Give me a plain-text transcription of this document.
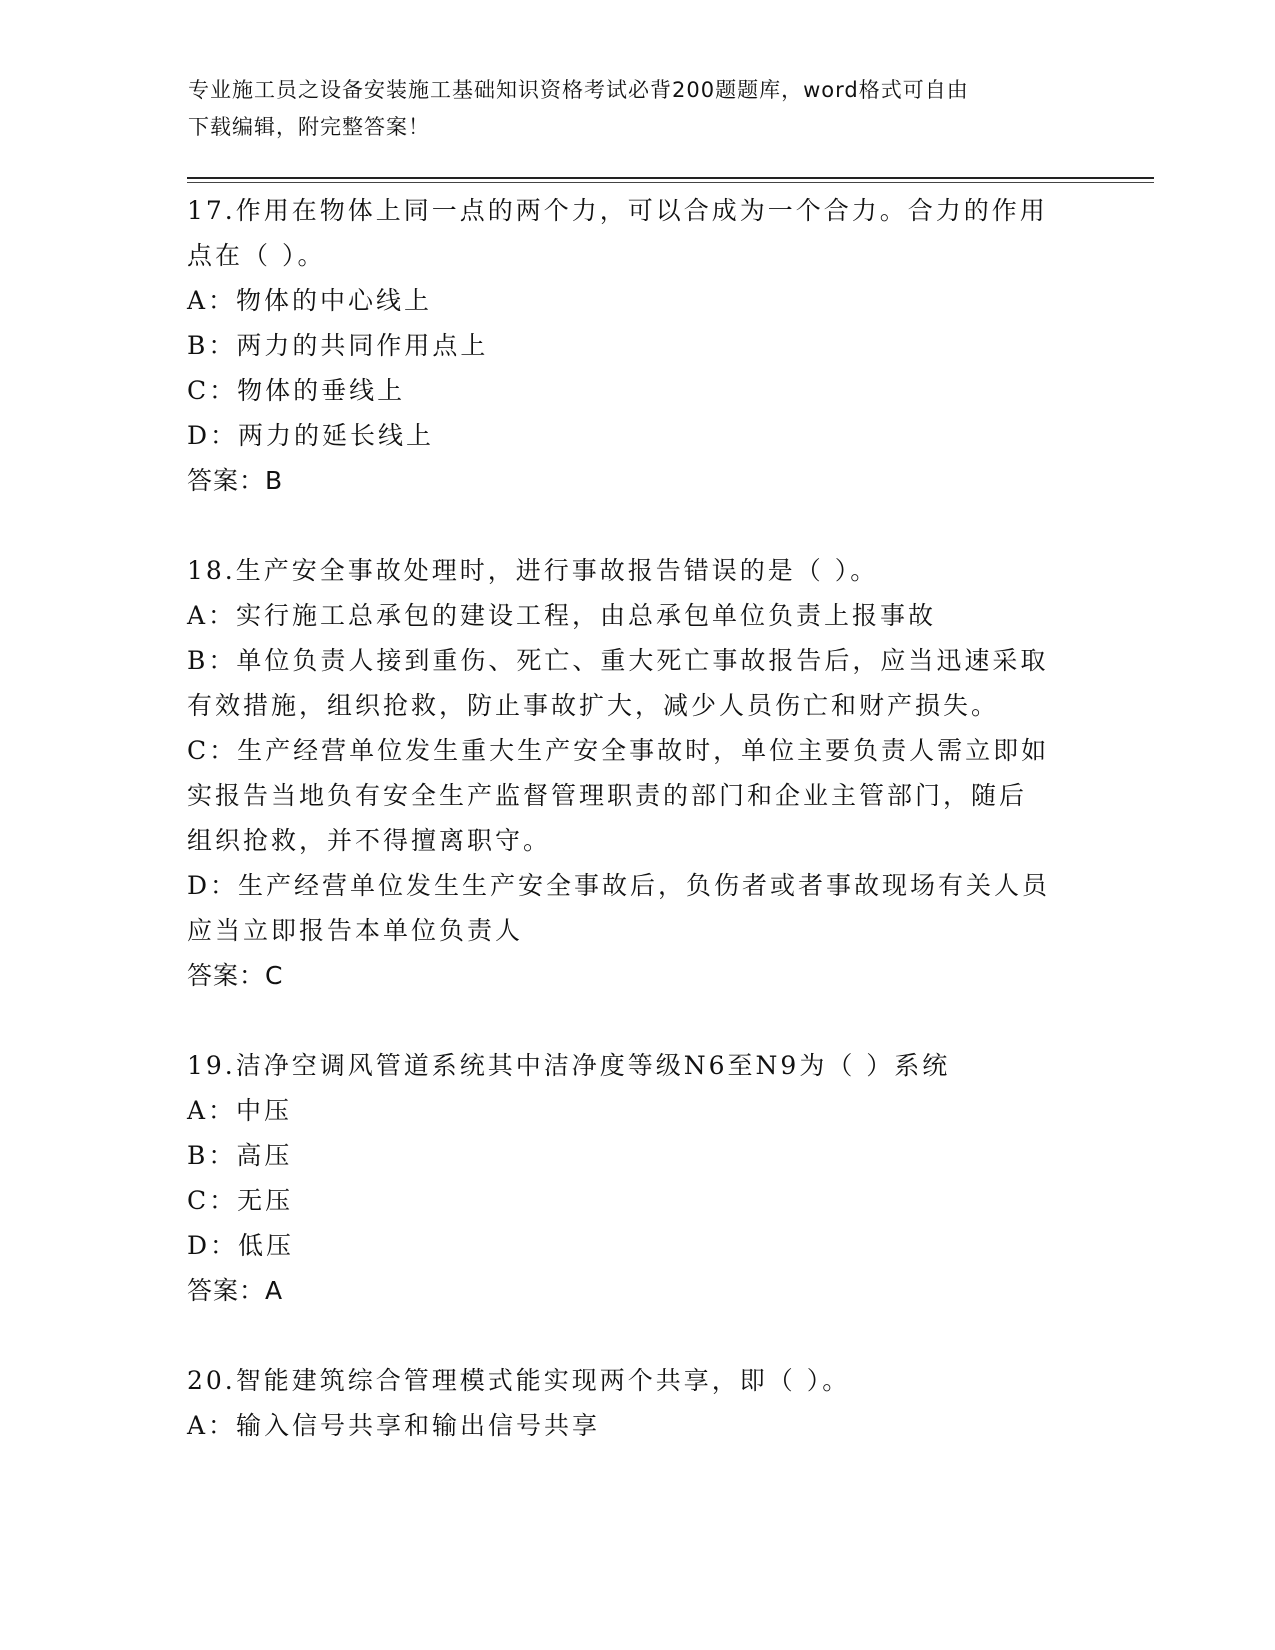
专业施工员之设备安装施工基础知识资格考试必背200题题库，word格式可自由
下载编辑，附完整答案！
17.作用在物体上同一点的两个力，可以合成为一个合力。合力的作用
点在（ ）。
A：物体的中心线上
B：两力的共同作用点上
C：物体的垂线上
D：两力的延长线上
答案：B
18.生产安全事故处理时，进行事故报告错误的是（ ）。
A：实行施工总承包的建设工程，由总承包单位负责上报事故
B：单位负责人接到重伤、死亡、重大死亡事故报告后，应当迅速采取
有效措施，组织抢救，防止事故扩大，减少人员伤亡和财产损失。
C：生产经营单位发生重大生产安全事故时，单位主要负责人需立即如
实报告当地负有安全生产监督管理职责的部门和企业主管部门，随后
组织抢救，并不得擅离职守。
D：生产经营单位发生生产安全事故后，负伤者或者事故现场有关人员
应当立即报告本单位负责人
答案：C
19.洁净空调风管道系统其中洁净度等级N6至N9为（ ）系统
A：中压
B：高压
C：无压
D：低压
答案：A
20.智能建筑综合管理模式能实现两个共享，即（ ）。
A：输入信号共享和输出信号共享
